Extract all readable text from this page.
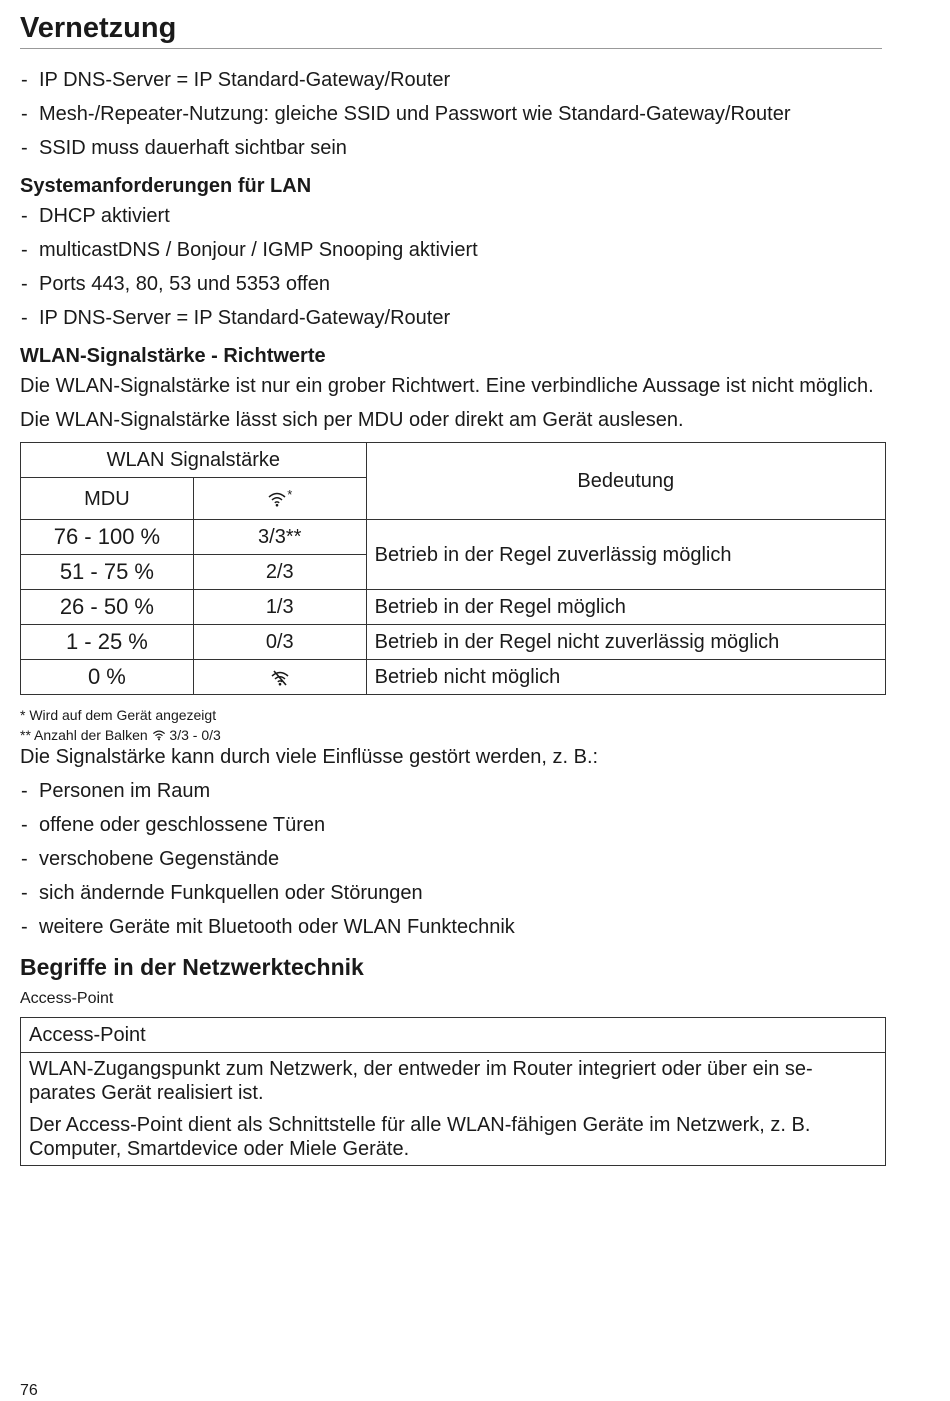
Vernetzung
- IP DNS-Server = IP Standard-Gateway/Router
- Mesh-/Repeater-Nutzung: gleiche SSID und Passwort wie Standard-Gateway/Router
- SSID muss dauerhaft sichtbar sein
Systemanforderungen für LAN
- DHCP aktiviert
- multicastDNS / Bonjour / IGMP Snooping aktiviert
- Ports 443, 80, 53 und 5353 offen
- IP DNS-Server = IP Standard-Gateway/Router
WLAN-Signalstärke - Richtwerte

Die WLAN-Signalstärke ist nur ein grober Richtwert. Eine verbindliche Aussage ist nicht möglich.

Die WLAN-Signalstärke lässt sich per MDU oder direkt am Gerät auslesen.

WLAN Signalstärke		Bedeutung
MDU	*
76 - 100 %	3/3**	Betrieb in der Regel zuverlässig möglich
51 - 75 %	2/3	
26 - 50 %	1/3	Betrieb in der Regel möglich
1 - 25 %	0/3	Betrieb in der Regel nicht zuverlässig möglich
0 %		Betrieb nicht möglich

* Wird auf dem Gerät angezeigt

** Anzahl der Balken 3/3 - 0/3

Die Signalstärke kann durch viele Einflüsse gestört werden, z. B.:

- Personen im Raum
- offene oder geschlossene Türen
- verschobene Gegenstände
- sich ändernde Funkquellen oder Störungen
- weitere Geräte mit Bluetooth oder WLAN Funktechnik
Begriffe in der Netzwerktechnik

Access-Point

Access-Point

WLAN-Zugangspunkt zum Netzwerk, der entweder im Router integriert oder über ein se-parates Gerät realisiert ist.

Der Access-Point dient als Schnittstelle für alle WLAN-fähigen Geräte im Netzwerk, z. B. Computer, Smartdevice oder Miele Geräte.

76
